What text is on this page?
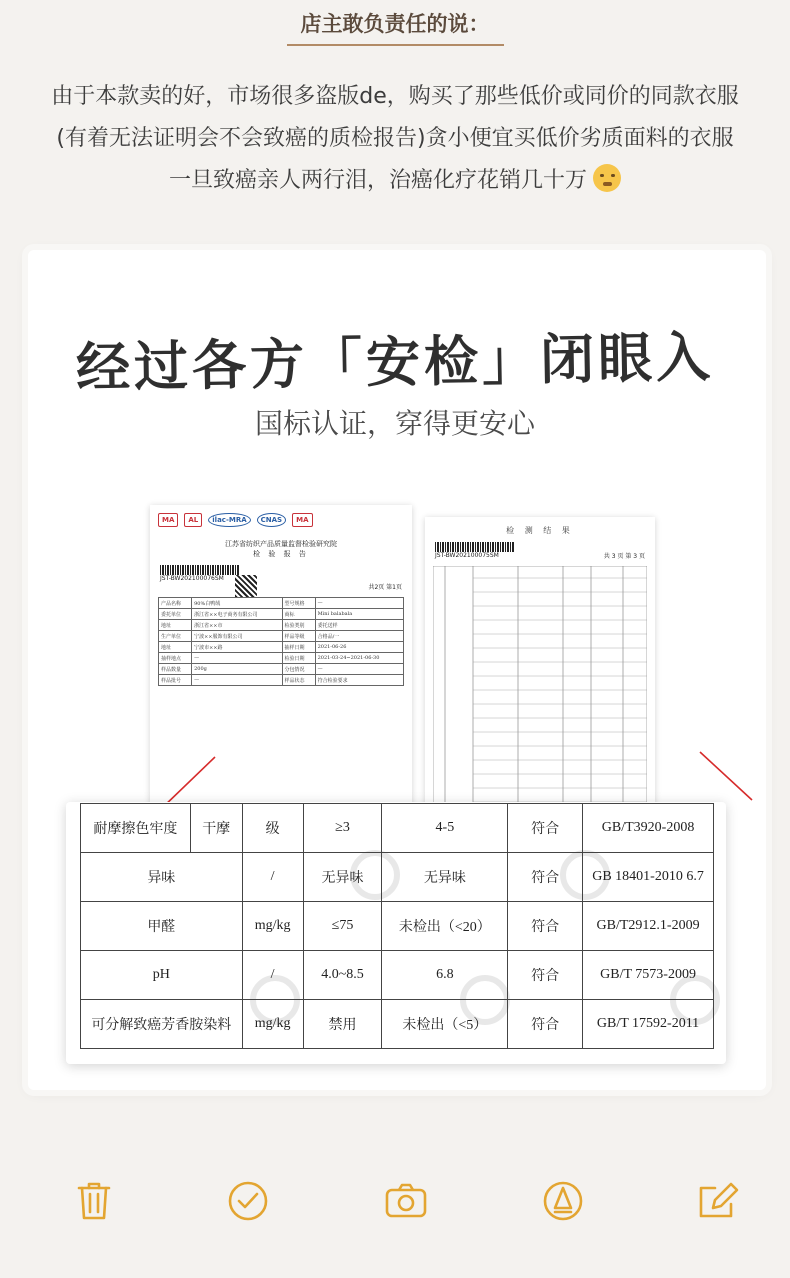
店主敢负责任的说：
由于本款卖的好，市场很多盗版de，购买了那些低价或同价的同款衣服
(有着无法证明会不会致癌的质检报告)贪小便宜买低价劣质面料的衣服
一旦致癌亲人两行泪，治癌化疗花销几十万
经过各方「安检」闭眼入
国标认证，穿得更安心
MA	AL	ilac-MRA	CNAS	MA
江苏省纺织产品质量监督检验研究院
检 验 报 告
JST-BW202100076SM
共2页 第1页
产品名称	90%白鸭绒	型号规格	—
委托单位	浙江省××电子商务有限公司	商标	Mini balabala
地址	浙江省××市	检验类别	委托送样
生产单位	宁波××服饰有限公司	样品等级	合格品/一
地址	宁波市××路	抽样日期	2021-06-26
抽样地点	—	检验日期	2021-03-24~2021-06-30
样品数量	200g	分包情况	—
样品批号	—	样品状态	符合检验要求
检 测 结 果
JST-BW202100075SM	共 3 页 第 3 页
耐摩擦色牢度	干摩	级	≥3	4-5	符合	GB/T3920-2008
异味		/	无异味	无异味	符合	GB 18401-2010 6.7
甲醛		mg/kg	≤75	未检出（<20）	符合	GB/T2912.1-2009
pH		/	4.0~8.5	6.8	符合	GB/T 7573-2009
可分解致癌芳香胺染料		mg/kg	禁用	未检出（<5）	符合	GB/T 17592-2011
